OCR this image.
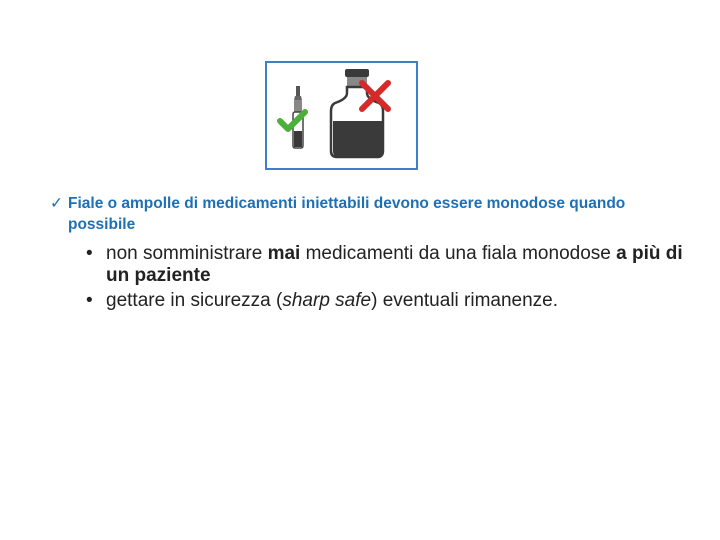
✓ Fiale o ampolle di medicamenti iniettabili devono essere monodose quando possibile
• non somministrare mai medicamenti da una fiala monodose a più di un paziente
• gettare in sicurezza (sharp safe) eventuali rimanenze.
